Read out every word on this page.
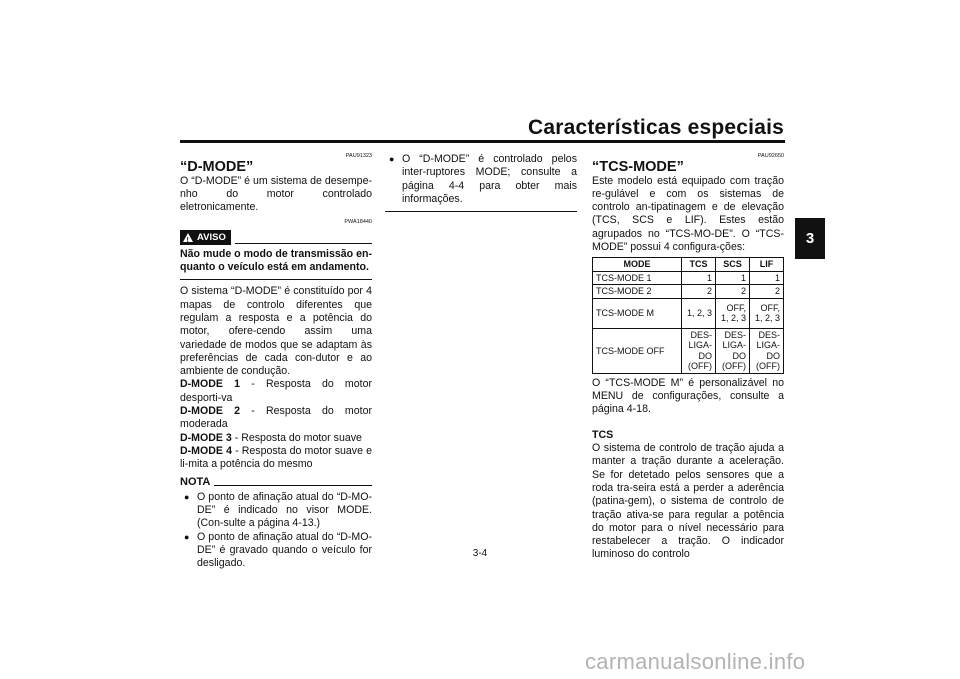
Características especiais
3
PAU91323
“D-MODE”

O “D-MODE” é um sistema de desempe-nho do motor controlado eletronicamente.

PWA18440
! AVISO

Não mude o modo de transmissão en-quanto o veículo está em andamento.

O sistema “D-MODE” é constituído por 4 mapas de controlo diferentes que regulam a resposta e a potência do motor, ofere-cendo assim uma variedade de modos que se adaptam às preferências de cada con-dutor e ao ambiente de condução.

D-MODE 1 - Resposta do motor desporti-va

D-MODE 2 - Resposta do motor moderada

D-MODE 3 - Resposta do motor suave

D-MODE 4 - Resposta do motor suave e li-mita a potência do mesmo

NOTA
● O ponto de afinação atual do “D-MO-DE” é indicado no visor MODE. (Con-sulte a página 4-13.)
● O ponto de afinação atual do “D-MO-DE” é gravado quando o veículo for desligado.
● O “D-MODE” é controlado pelos inter-ruptores MODE; consulte a página 4-4 para obter mais informações.
PAU92650
“TCS-MODE”

Este modelo está equipado com tração re-gulável e com os sistemas de controlo an-tipatinagem e de elevação (TCS, SCS e LIF). Estes estão agrupados no “TCS-MO-DE”. O “TCS-MODE” possui 4 configura-ções:

MODE	TCS	SCS	LIF
TCS-MODE 1	1	1	1
TCS-MODE 2	2	2	2
TCS-MODE M	1, 2, 3	OFF, 1, 2, 3	OFF, 1, 2, 3
TCS-MODE OFF	DES-LIGA-DO (OFF)	DES-LIGA-DO (OFF)	DES-LIGA-DO (OFF)

O “TCS-MODE M” é personalizável no MENU de configurações, consulte a página 4-18.

TCS

O sistema de controlo de tração ajuda a manter a tração durante a aceleração. Se for detetado pelos sensores que a roda tra-seira está a perder a aderência (patina-gem), o sistema de controlo de tração ativa-se para regular a potência do motor para o nível necessário para restabelecer a tração. O indicador luminoso do controlo

3-4
carmanualsonline.info
